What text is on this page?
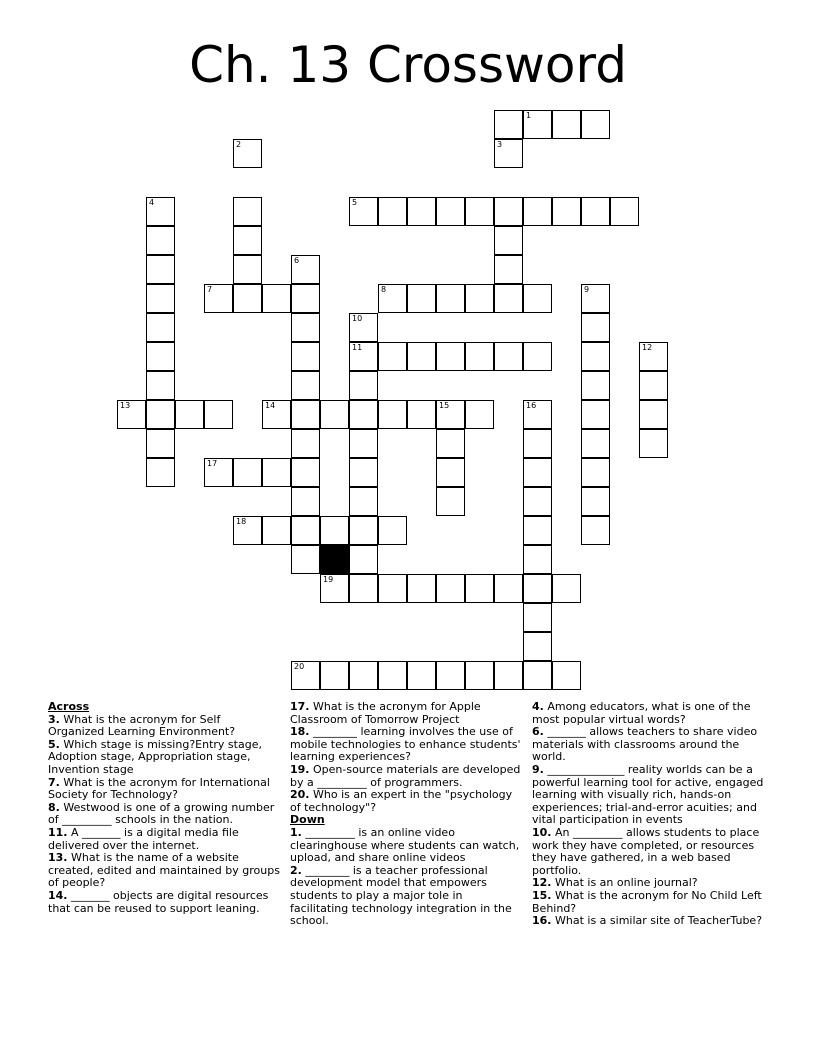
Ch. 13 Crossword
1
2	3
4	5
6
7	8	9
10
11	12
13	14	15	16
17
18
19
20

Across

3. What is the acronym for Self Organized Learning Environment?

5. Which stage is missing?Entry stage, Adoption stage, Appropriation stage, Invention stage

7. What is the acronym for International Society for Technology?

8. Westwood is one of a growing number of _________ schools in the nation.

11. A _______ is a digital media file delivered over the internet.

13. What is the name of a website created, edited and maintained by groups of people?

14. _______ objects are digital resources that can be reused to support leaning.

17. What is the acronym for Apple Classroom of Tomorrow Project

18. ________ learning involves the use of mobile technologies to enhance students' learning experiences?

19. Open-source materials are developed by a _________ of programmers.

20. Who is an expert in the "psychology of technology"?

Down

1. _________ is an online video clearinghouse where students can watch, upload, and share online videos

2. ________ is a teacher professional development model that empowers students to play a major tole in facilitating technology integration in the school.

4. Among educators, what is one of the most popular virtual words?

6. _______ allows teachers to share video materials with classrooms around the world.

9. ______________ reality worlds can be a powerful learning tool for active, engaged learning with visually rich, hands-on experiences; trial-and-error acuities; and vital participation in events

10. An _________ allows students to place work they have completed, or resources they have gathered, in a web based portfolio.

12. What is an online journal?

15. What is the acronym for No Child Left Behind?

16. What is a similar site of TeacherTube?
